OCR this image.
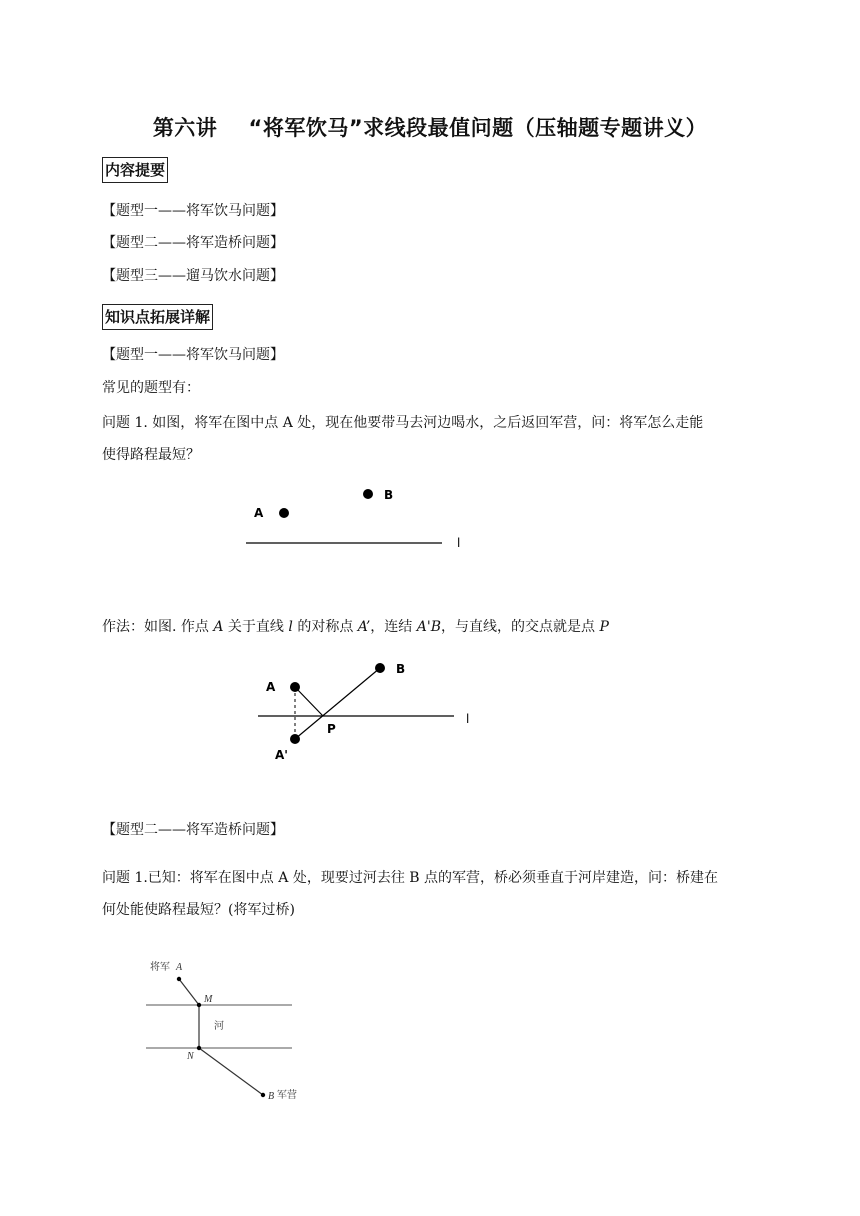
第六讲    “将军饮马”求线段最值问题（压轴题专题讲义）
内容提要
【题型一——将军饮马问题】
【题型二——将军造桥问题】
【题型三——遛马饮水问题】
知识点拓展详解
【题型一——将军饮马问题】
常见的题型有：
问题 1. 如图，将军在图中点 A 处，现在他要带马去河边喝水，之后返回军营，问：将军怎么走能
使得路程最短？
B
A
l
作法：如图. 作点 A 关于直线 l 的对称点 A’，连结 A'B，与直线，的交点就是点 P
l
A
B
P
A'
【题型二——将军造桥问题】
问题 1.已知：将军在图中点 A 处，现要过河去往 B 点的军营，桥必须垂直于河岸建造，问：桥建在
何处能使路程最短？(将军过桥)
将军 A
M
河
N
B 军营
